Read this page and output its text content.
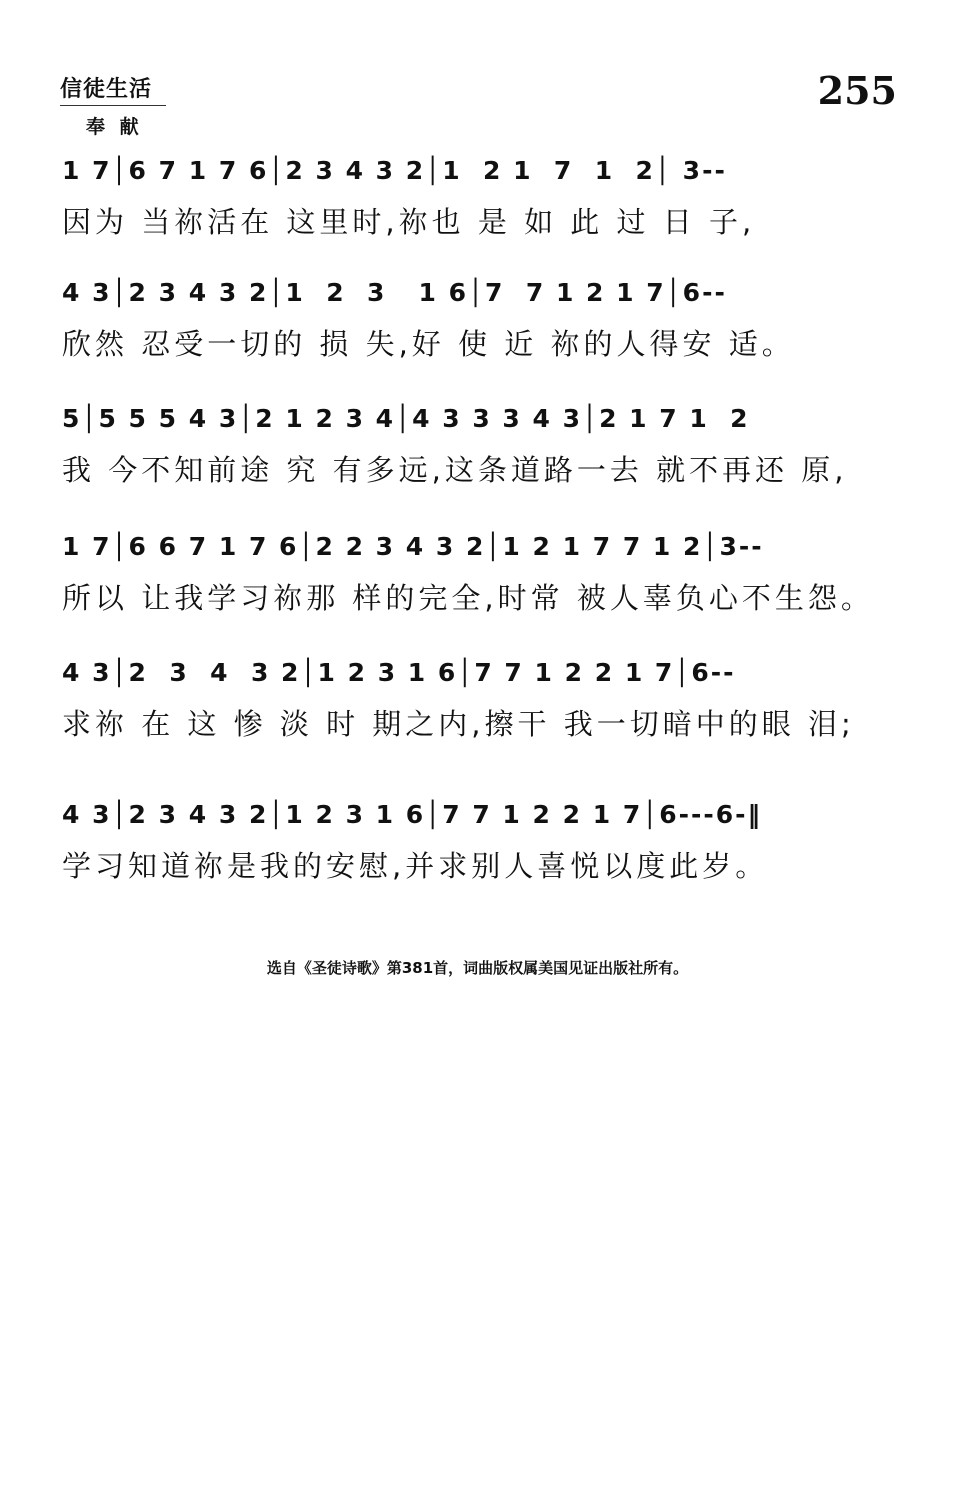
信徒生活
奉 献
255
1 7│6 7 1 7 6│2 3 4 3 2│1  2 1  7  1  2│ 3--
因为 当祢活在 这里时,祢也 是 如 此 过 日 子,
4 3│2 3 4 3 2│1  2  3   1 6│7  7 1 2 1 7│6--
欣然 忍受一切的 损 失,好 使 近 祢的人得安 适。
5│5 5 5 4 3│2 1 2 3 4│4 3 3 3 4 3│2 1 7 1  2
我 今不知前途 究 有多远,这条道路一去 就不再还 原,
1 7│6 6 7 1 7 6│2 2 3 4 3 2│1 2 1 7 7 1 2│3--
所以 让我学习祢那 样的完全,时常 被人辜负心不生怨。
4 3│2  3  4  3 2│1 2 3 1 6│7 7 1 2 2 1 7│6--
求祢 在 这 惨 淡 时 期之内,擦干 我一切暗中的眼 泪;
4 3│2 3 4 3 2│1 2 3 1 6│7 7 1 2 2 1 7│6---6-‖
学习知道祢是我的安慰,并求别人喜悦以度此岁。
选自《圣徒诗歌》第381首，词曲版权属美国见证出版社所有。
